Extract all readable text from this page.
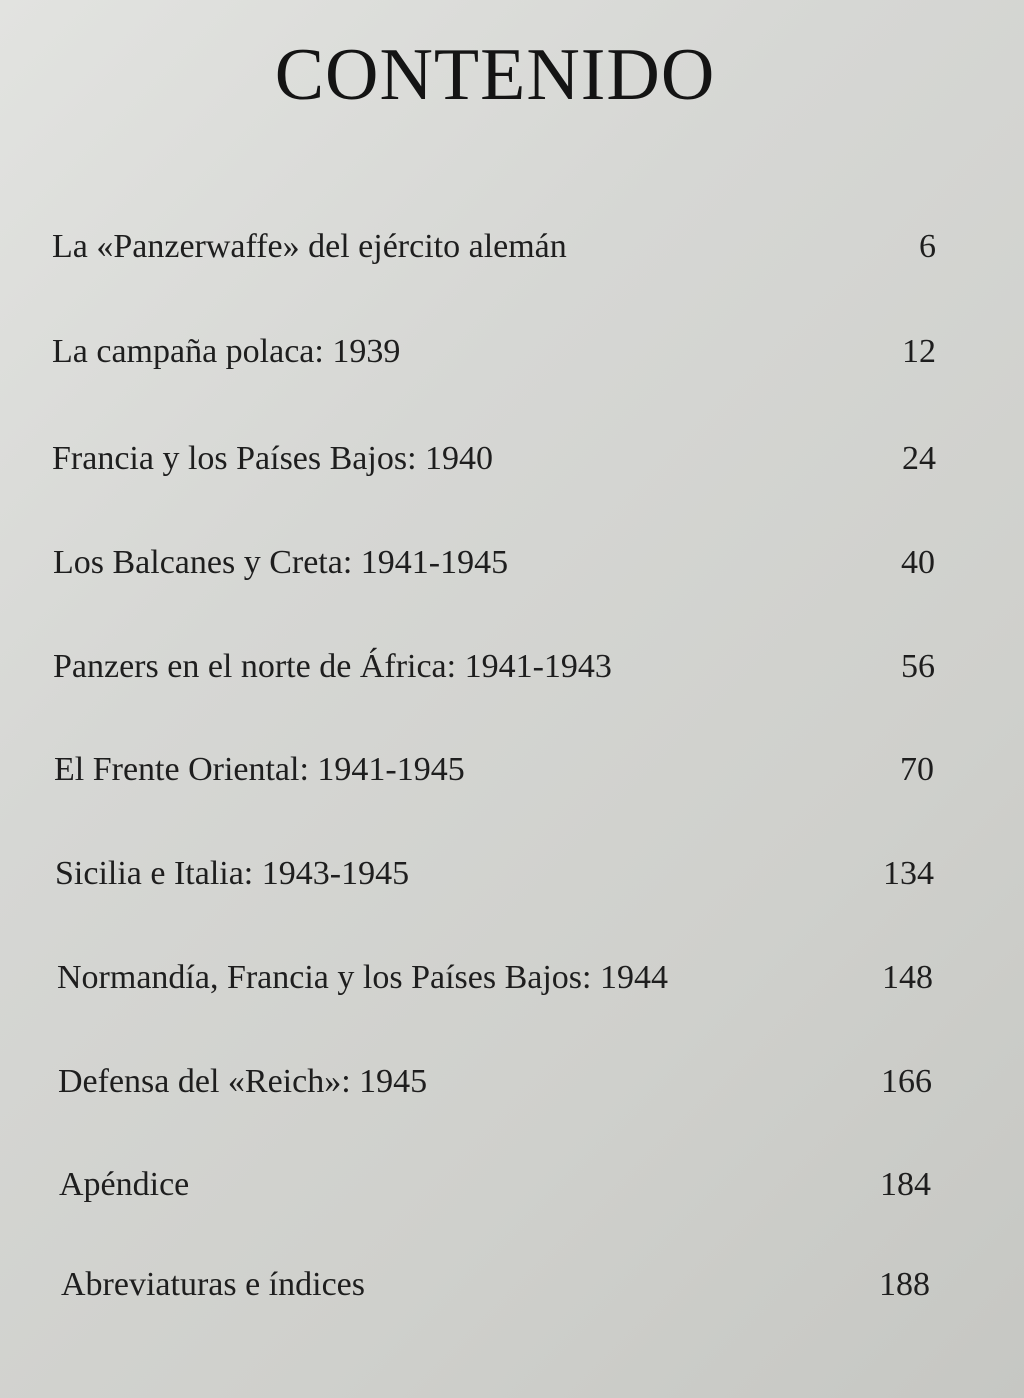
CONTENIDO
La «Panzerwaffe» del ejército alemán	6
La campaña polaca: 1939	12
Francia y los Países Bajos: 1940	24
Los Balcanes y Creta: 1941-1945	40
Panzers en el norte de África: 1941-1943	56
El Frente Oriental: 1941-1945	70
Sicilia e Italia: 1943-1945	134
Normandía, Francia y los Países Bajos: 1944	148
Defensa del «Reich»: 1945	166
Apéndice	184
Abreviaturas e índices	188
